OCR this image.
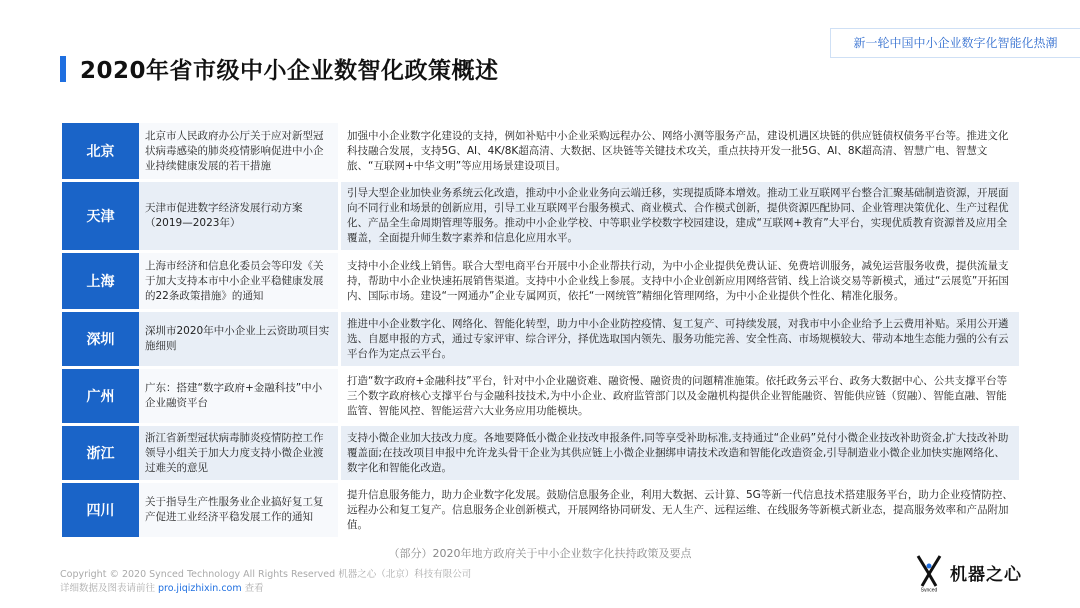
新一轮中国中小企业数字化智能化热潮
2020年省市级中小企业数智化政策概述
北京	北京市人民政府办公厅关于应对新型冠状病毒感染的肺炎疫情影响促进中小企业持续健康发展的若干措施	加强中小企业数字化建设的支持，例如补贴中小企业采购远程办公、网络小测等服务产品，建设机遇区块链的供应链债权债务平台等。推进文化科技融合发展，支持5G、AI、4K/8K超高清、大数据、区块链等关键技术攻关，重点扶持开发一批5G、AI、8K超高清、智慧广电、智慧文旅、“互联网+中华文明”等应用场景建设项目。
天津	天津市促进数字经济发展行动方案（2019—2023年）	引导大型企业加快业务系统云化改造，推动中小企业业务向云端迁移，实现提质降本增效。推动工业互联网平台整合汇聚基础制造资源，开展面向不同行业和场景的创新应用，引导工业互联网平台服务模式、商业模式、合作模式创新，提供资源匹配协同、企业管理决策优化、生产过程优化、产品全生命周期管理等服务。推动中小企业学校、中等职业学校数字校园建设，建成“互联网+教育”大平台，实现优质教育资源普及应用全覆盖，全面提升师生数字素养和信息化应用水平。
上海	上海市经济和信息化委员会等印发《关于加大支持本市中小企业平稳健康发展的22条政策措施》的通知	支持中小企业线上销售。联合大型电商平台开展中小企业帮扶行动，为中小企业提供免费认证、免费培训服务，减免运营服务收费，提供流量支持，帮助中小企业快速拓展销售渠道。支持中小企业线上参展。支持中小企业创新应用网络营销、线上洽谈交易等新模式，通过“云展览”开拓国内、国际市场。建设“一网通办”企业专属网页，依托“一网统管”精细化管理网络，为中小企业提供个性化、精准化服务。
深圳	深圳市2020年中小企业上云资助项目实施细则	推进中小企业数字化、网络化、智能化转型，助力中小企业防控疫情、复工复产、可持续发展，对我市中小企业给予上云费用补贴。采用公开遴选、自愿申报的方式，通过专家评审、综合评分，择优选取国内领先、服务功能完善、安全性高、市场规模较大、带动本地生态能力强的公有云平台作为定点云平台。
广州	广东：搭建“数字政府+金融科技”中小企业融资平台	打造“数字政府+金融科技”平台，针对中小企业融资难、融资慢、融资贵的问题精准施策。依托政务云平台、政务大数据中心、公共支撑平台等三个数字政府核心支撑平台与金融科技技术,为中小企业、政府监管部门以及金融机构提供企业智能融资、智能供应链（贸融）、智能直融、智能监管、智能风控、智能运营六大业务应用功能模块。
浙江	浙江省新型冠状病毒肺炎疫情防控工作领导小组关于加大力度支持小微企业渡过难关的意见	支持小微企业加大技改力度。各地要降低小微企业技改申报条件,同等享受补助标准,支持通过“企业码”兑付小微企业技改补助资金,扩大技改补助覆盖面;在技改项目申报中允许龙头骨干企业为其供应链上小微企业捆绑申请技术改造和智能化改造资金,引导制造业小微企业加快实施网络化、数字化和智能化改造。
四川	关于指导生产性服务业企业搞好复工复产促进工业经济平稳发展工作的通知	提升信息服务能力，助力企业数字化发展。鼓励信息服务企业，利用大数据、云计算、5G等新一代信息技术搭建服务平台，助力企业疫情防控、远程办公和复工复产。信息服务企业创新模式，开展网络协同研发、无人生产、远程运维、在线服务等新模式新业态，提高服务效率和产品附加值。
（部分）2020年地方政府关于中小企业数字化扶持政策及要点
Copyright © 2020 Synced Technology All Rights Reserved 机器之心（北京）科技有限公司
详细数据及图表请前往 pro.jiqizhixin.com 查看	Synced
机器之心
